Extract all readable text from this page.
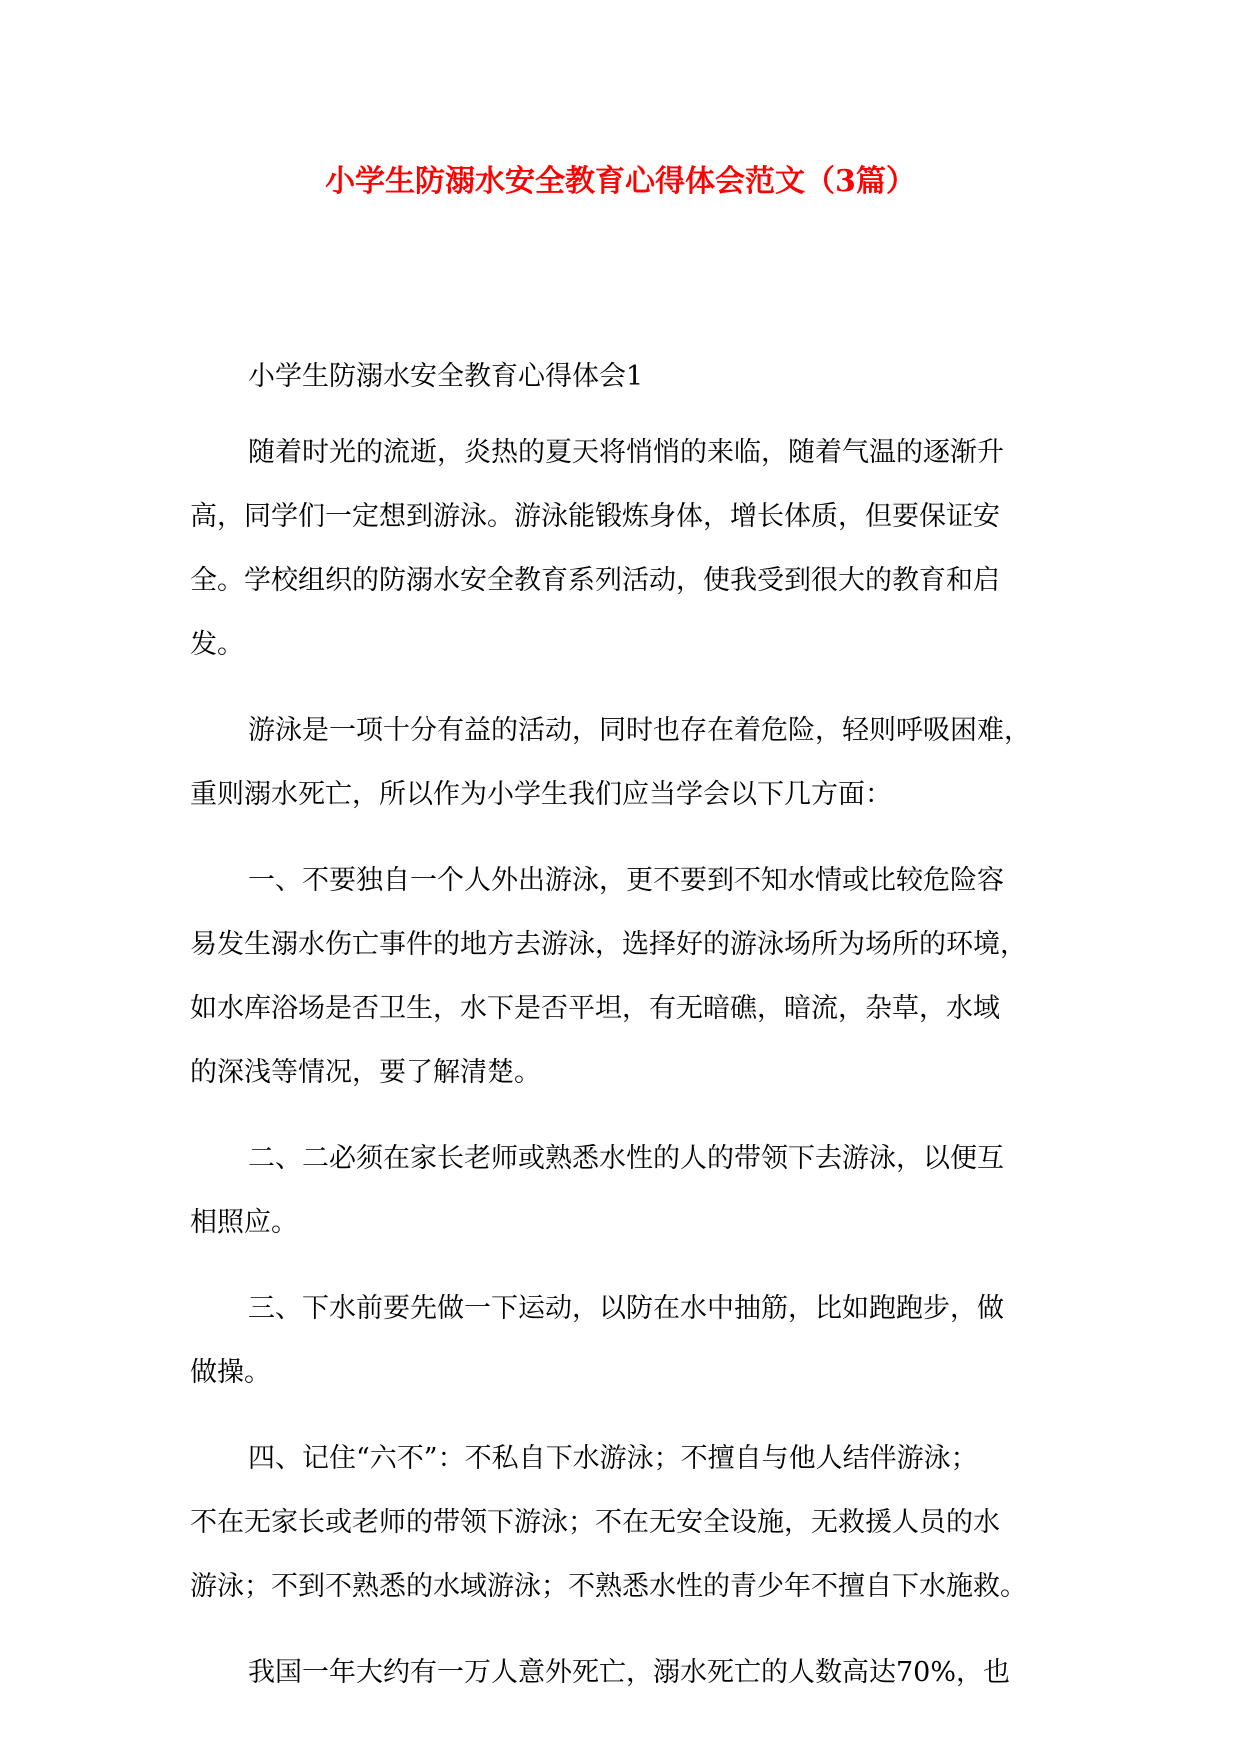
小学生防溺水安全教育心得体会范文（3篇）

小学生防溺水安全教育心得体会1

随着时光的流逝，炎热的夏天将悄悄的来临，随着气温的逐渐升
高，同学们一定想到游泳。游泳能锻炼身体，增长体质，但要保证安
全。学校组织的防溺水安全教育系列活动，使我受到很大的教育和启
发。

游泳是一项十分有益的活动，同时也存在着危险，轻则呼吸困难，
重则溺水死亡，所以作为小学生我们应当学会以下几方面：

一、不要独自一个人外出游泳，更不要到不知水情或比较危险容
易发生溺水伤亡事件的地方去游泳，选择好的游泳场所为场所的环境，
如水库浴场是否卫生，水下是否平坦，有无暗礁，暗流，杂草，水域
的深浅等情况，要了解清楚。

二、二必须在家长老师或熟悉水性的人的带领下去游泳，以便互
相照应。

三、下水前要先做一下运动，以防在水中抽筋，比如跑跑步，做
做操。

四、记住“六不”：不私自下水游泳；不擅自与他人结伴游泳；
不在无家长或老师的带领下游泳；不在无安全设施，无救援人员的水
游泳；不到不熟悉的水域游泳；不熟悉水性的青少年不擅自下水施救。

我国一年大约有一万人意外死亡，溺水死亡的人数高达70%，也
